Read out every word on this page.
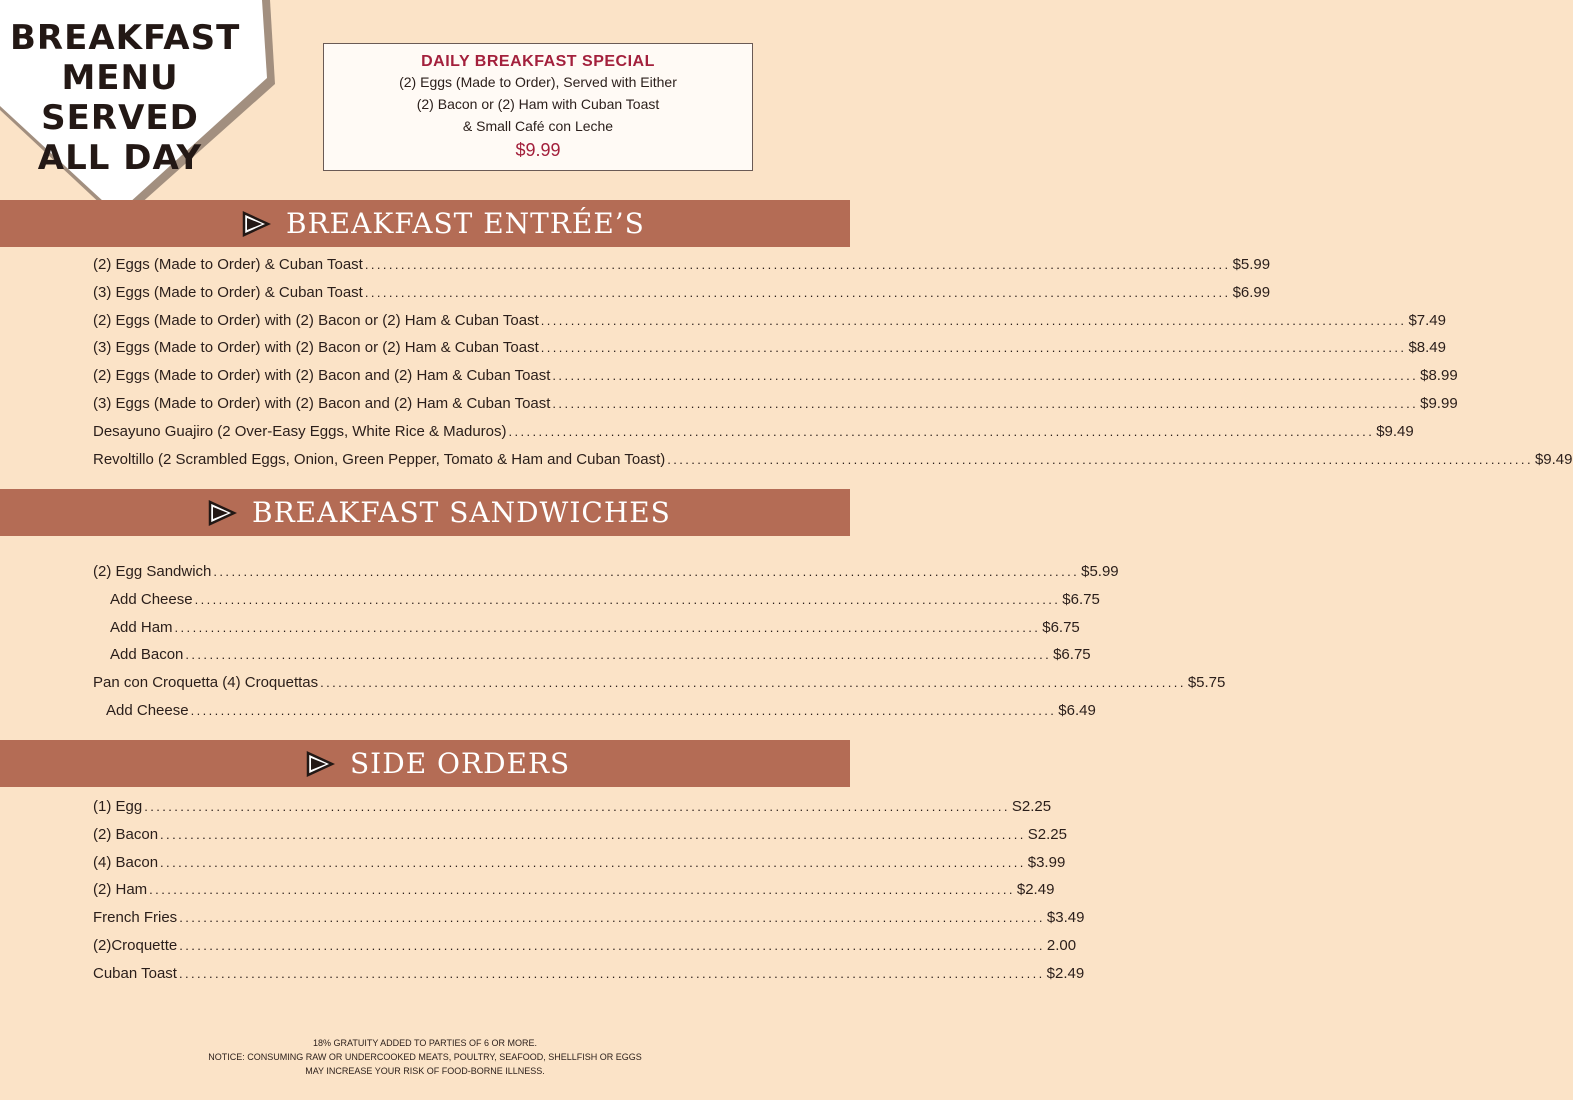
BREAKFAST
MENU SERVED
ALL DAY
DAILY BREAKFAST SPECIAL
(2) Eggs (Made to Order), Served with Either
(2) Bacon or (2) Ham with Cuban Toast
& Small Café con Leche
$9.99
BREAKFAST ENTRÉE’S
(2) Eggs (Made to Order) & Cuban Toast ................................................................................................................................................ $5.99
(3) Eggs (Made to Order) & Cuban Toast ................................................................................................................................................ $6.99
(2) Eggs (Made to Order) with (2) Bacon or (2) Ham & Cuban Toast ................................................................................................................................................ $7.49
(3) Eggs (Made to Order) with (2) Bacon or (2) Ham & Cuban Toast ................................................................................................................................................ $8.49
(2) Eggs (Made to Order) with (2) Bacon and (2) Ham & Cuban Toast ................................................................................................................................................ $8.99
(3) Eggs (Made to Order) with (2) Bacon and (2) Ham & Cuban Toast ................................................................................................................................................ $9.99
Desayuno Guajiro (2 Over-Easy Eggs, White Rice & Maduros) ................................................................................................................................................ $9.49
Revoltillo (2 Scrambled Eggs, Onion, Green Pepper, Tomato & Ham and Cuban Toast) ................................................................................................................................................ $9.49
BREAKFAST SANDWICHES
(2) Egg Sandwich ................................................................................................................................................ $5.99
Add Cheese ................................................................................................................................................ $6.75
Add Ham ................................................................................................................................................ $6.75
Add Bacon ................................................................................................................................................ $6.75
Pan con Croquetta (4) Croquettas ................................................................................................................................................ $5.75
Add Cheese ................................................................................................................................................ $6.49
SIDE ORDERS
(1) Egg ................................................................................................................................................ S2.25
(2) Bacon ................................................................................................................................................ S2.25
(4) Bacon ................................................................................................................................................ $3.99
(2) Ham ................................................................................................................................................ $2.49
French Fries ................................................................................................................................................ $3.49
(2)Croquette ................................................................................................................................................ 2.00
Cuban Toast ................................................................................................................................................ $2.49
18% GRATUITY ADDED TO PARTIES OF 6 OR MORE.
NOTICE: CONSUMING RAW OR UNDERCOOKED MEATS, POULTRY, SEAFOOD, SHELLFISH OR EGGS
MAY INCREASE YOUR RISK OF FOOD-BORNE ILLNESS.
